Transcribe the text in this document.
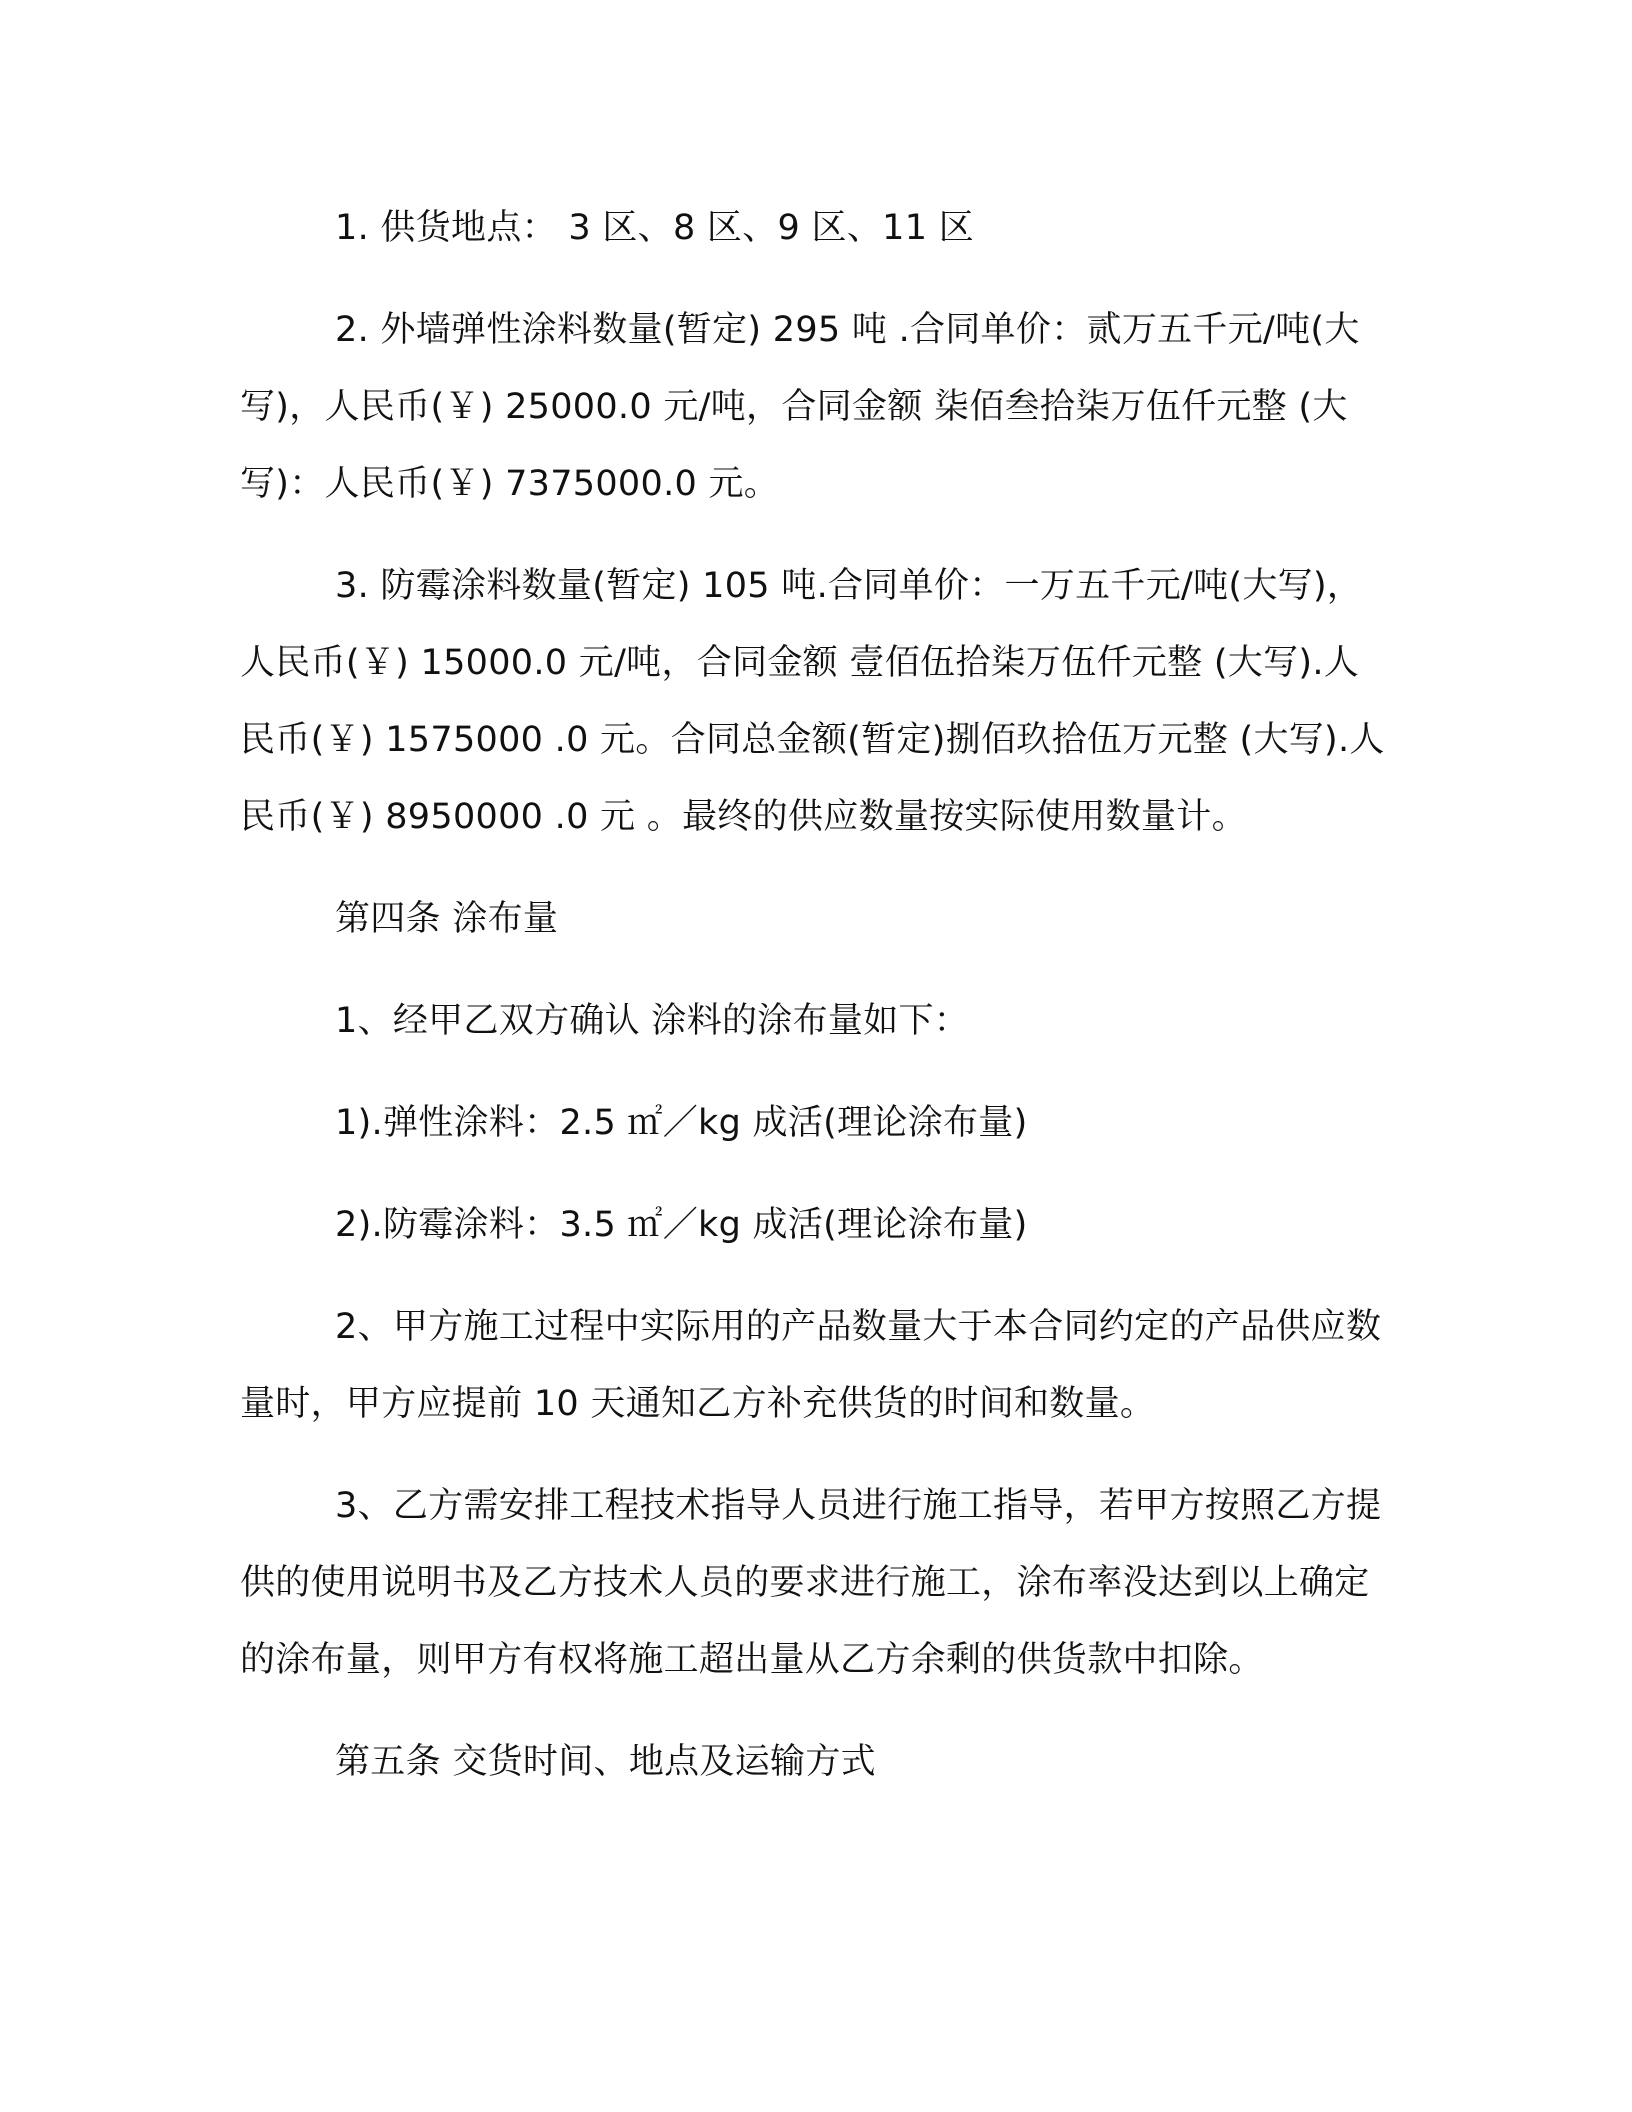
1. 供货地点： 3 区、8 区、9 区、11 区

2. 外墙弹性涂料数量(暂定) 295 吨 .合同单价：贰万五千元/吨(大写)，人民币(￥) 25000.0 元/吨，合同金额 柒佰叁拾柒万伍仟元整 (大写)：人民币(￥) 7375000.0 元。

3. 防霉涂料数量(暂定) 105 吨.合同单价：一万五千元/吨(大写)，人民币(￥) 15000.0 元/吨，合同金额 壹佰伍拾柒万伍仟元整 (大写).人民币(￥) 1575000 .0 元。合同总金额(暂定)捌佰玖拾伍万元整 (大写).人民币(￥) 8950000 .0 元 。最终的供应数量按实际使用数量计。

第四条 涂布量

1、经甲乙双方确认 涂料的涂布量如下：

1).弹性涂料：2.5 ㎡／kg 成活(理论涂布量)

2).防霉涂料：3.5 ㎡／kg 成活(理论涂布量)

2、甲方施工过程中实际用的产品数量大于本合同约定的产品供应数量时，甲方应提前 10 天通知乙方补充供货的时间和数量。

3、乙方需安排工程技术指导人员进行施工指导，若甲方按照乙方提供的使用说明书及乙方技术人员的要求进行施工，涂布率没达到以上确定的涂布量，则甲方有权将施工超出量从乙方余剩的供货款中扣除。

第五条 交货时间、地点及运输方式
